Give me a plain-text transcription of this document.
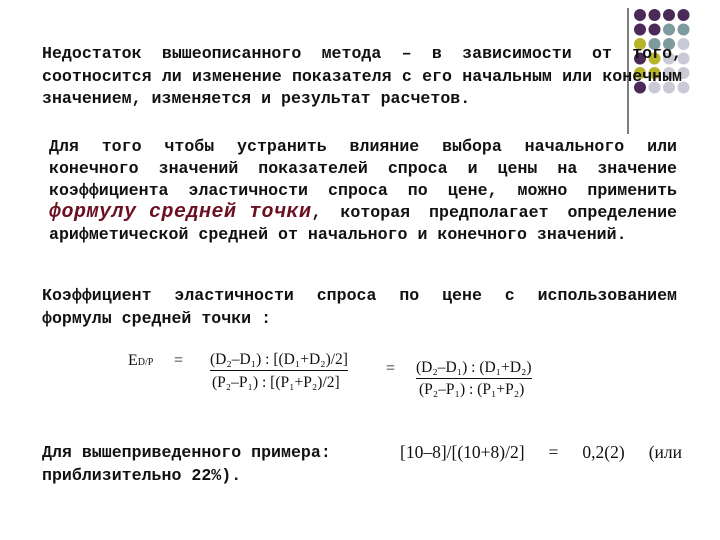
Недостаток вышеописанного метода – в зависимости от того,
соотносится ли изменение показателя с его начальным или конечным
значением, изменяется и результат расчетов.
Для того чтобы устранить влияние выбора начального или
конечного значений показателей спроса и цены на значение
коэффициента эластичности спроса по цене, можно применить
формулу средней точки , которая предполагает определение
арифметической средней от начального и конечного значений.
Коэффициент эластичности спроса по цене с использованием
формулы средней точки :
ED/P = (D₂–D₁) : [(D₁+D₂)/2]
(P₂–P₁) : [(P₁+P₂)/2]
= (D₂–D₁) : (D₁+D₂)
(P₂–P₁) : (P₁+P₂)
Для вышеприведенного примера:	[10–8]/[(10+8)/2] = 0,2(2) (или
приблизительно 22%).
